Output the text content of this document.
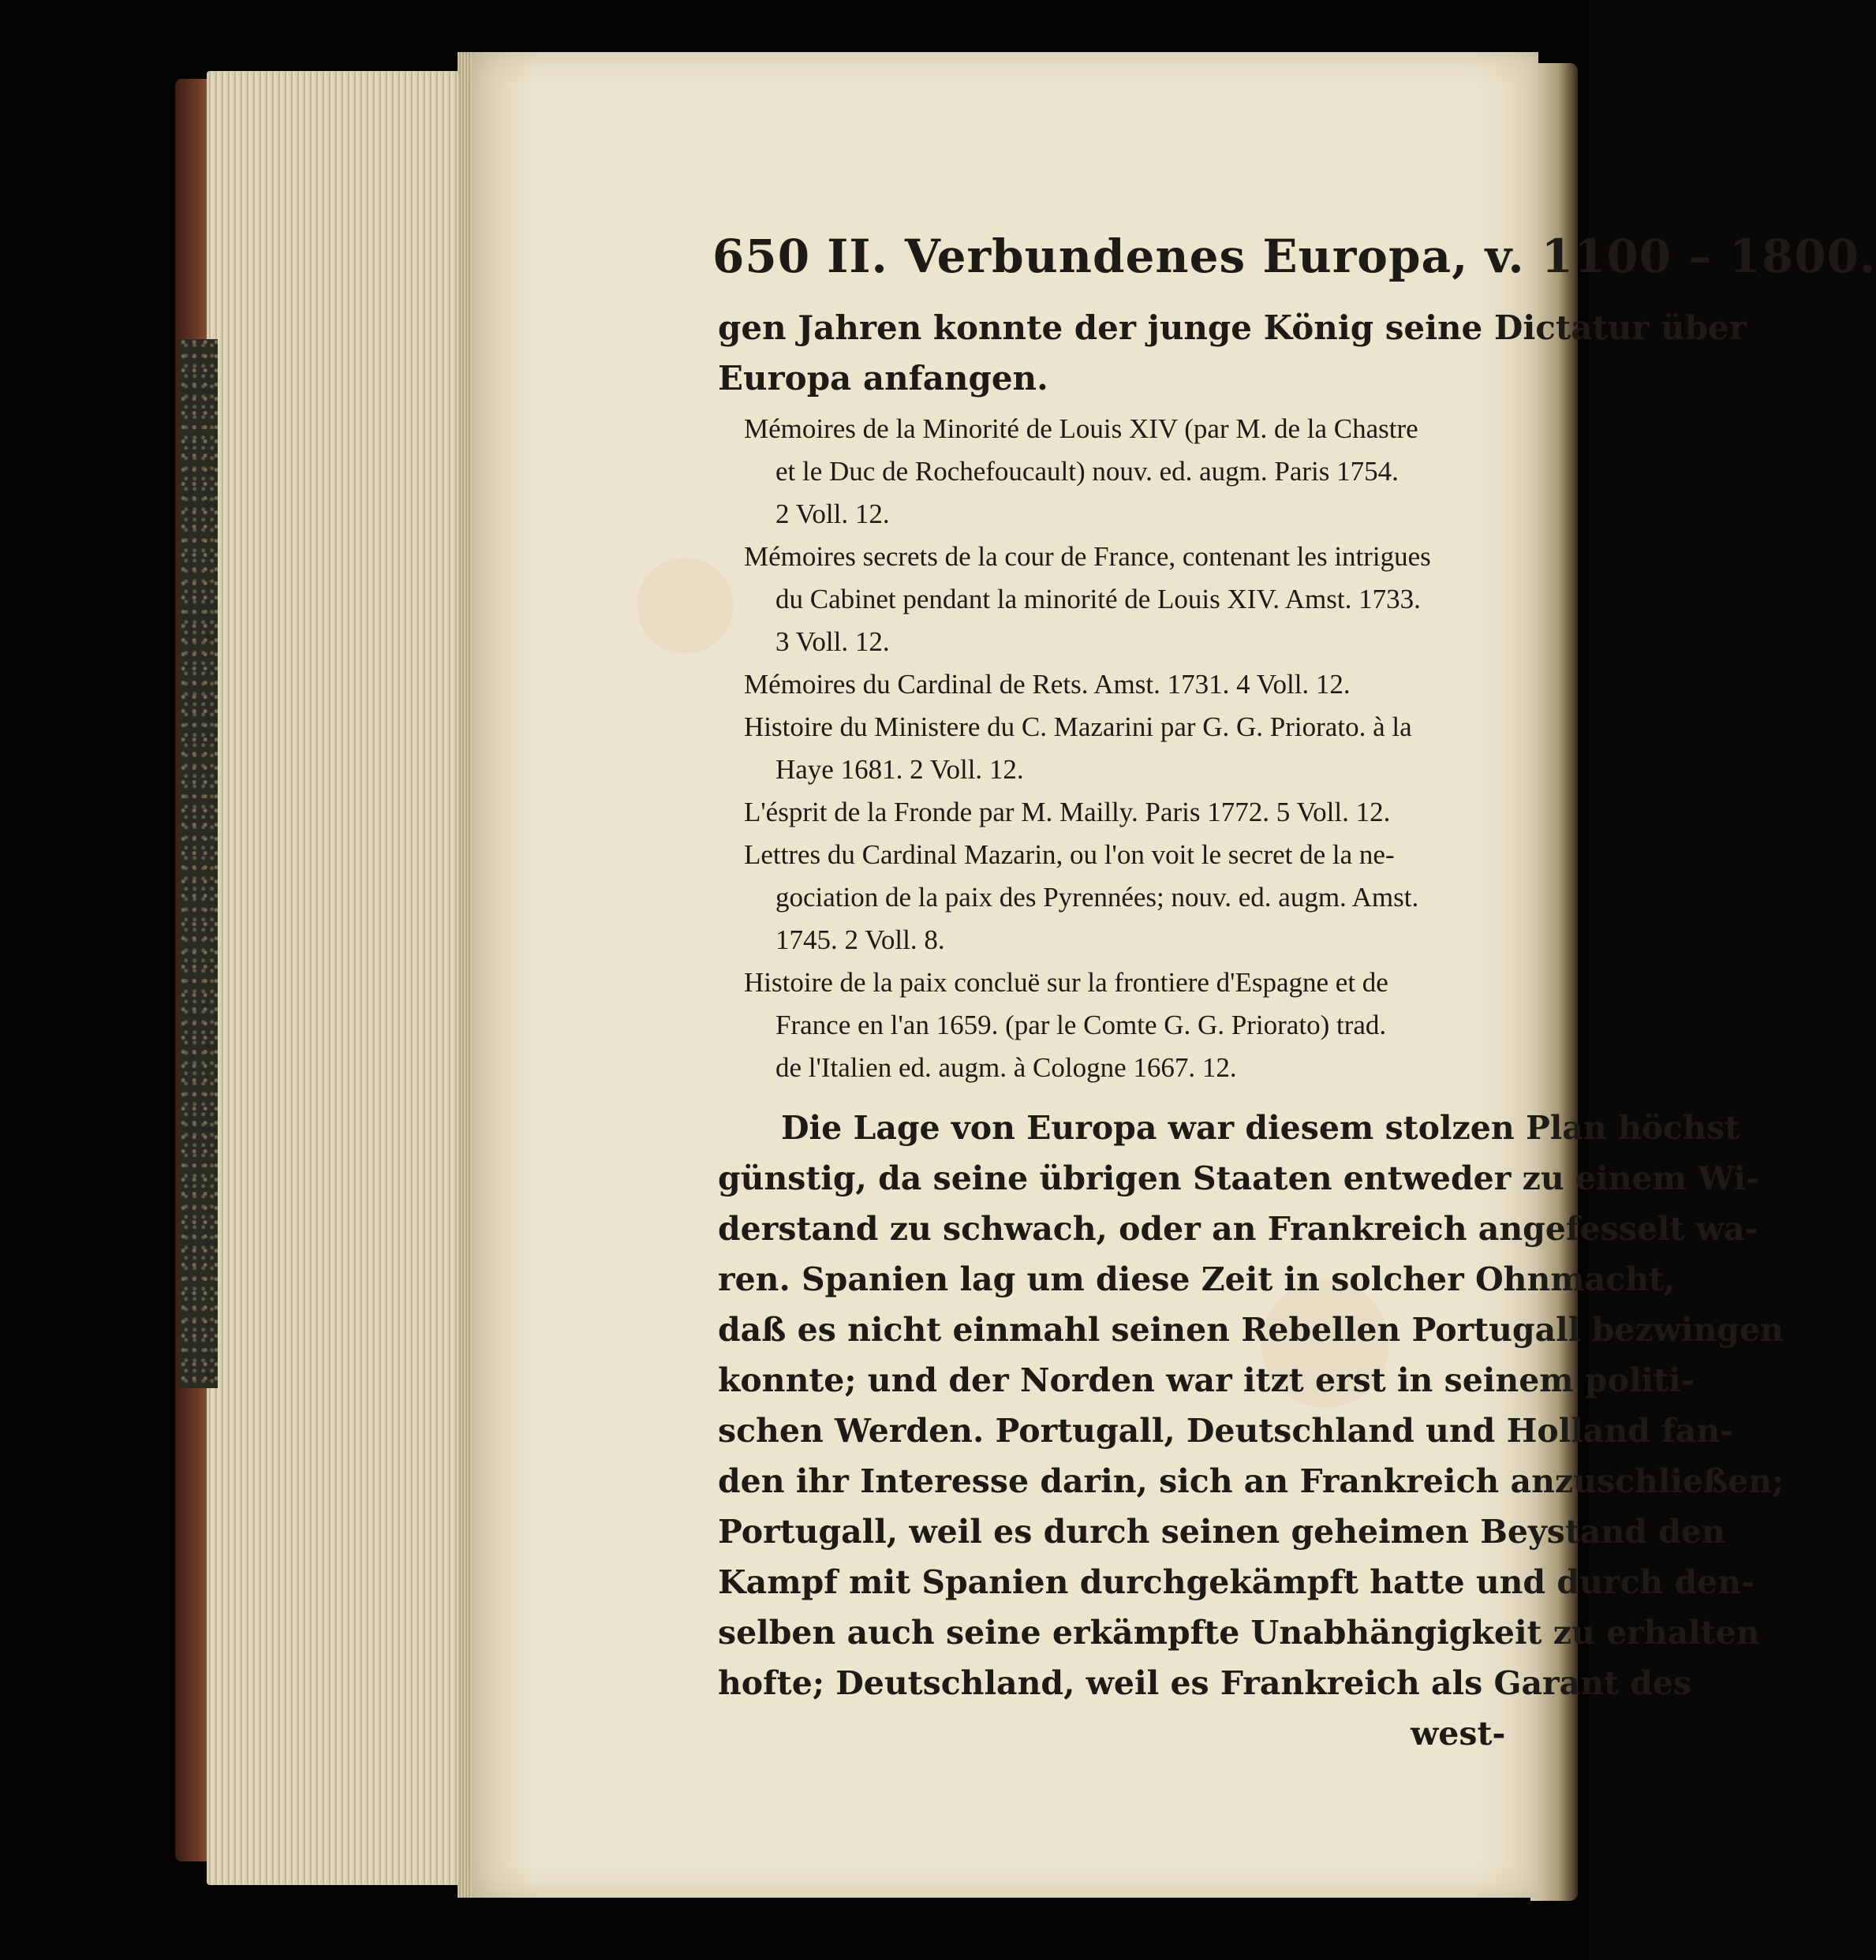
650 II. Verbundenes Europa, v. 1100 – 1800.
gen Jahren konnte der junge König seine Dictatur über
Europa anfangen.
Mémoires de la Minorité de Louis XIV (par M. de la Chastre
et le Duc de Rochefoucault) nouv. ed. augm. Paris 1754.
2 Voll. 12.
Mémoires secrets de la cour de France, contenant les intrigues
du Cabinet pendant la minorité de Louis XIV. Amst. 1733.
3 Voll. 12.
Mémoires du Cardinal de Rets. Amst. 1731. 4 Voll. 12.
Histoire du Ministere du C. Mazarini par G. G. Priorato. à la
Haye 1681. 2 Voll. 12.
L'ésprit de la Fronde par M. Mailly. Paris 1772. 5 Voll. 12.
Lettres du Cardinal Mazarin, ou l'on voit le secret de la ne-
gociation de la paix des Pyrennées; nouv. ed. augm. Amst.
1745. 2 Voll. 8.
Histoire de la paix concluë sur la frontiere d'Espagne et de
France en l'an 1659. (par le Comte G. G. Priorato) trad.
de l'Italien ed. augm. à Cologne 1667. 12.
Die Lage von Europa war diesem stolzen Plan höchst
günstig, da seine übrigen Staaten entweder zu einem Wi-
derstand zu schwach, oder an Frankreich angefesselt wa-
ren. Spanien lag um diese Zeit in solcher Ohnmacht,
daß es nicht einmahl seinen Rebellen Portugall bezwingen
konnte; und der Norden war itzt erst in seinem politi-
schen Werden. Portugall, Deutschland und Holland fan-
den ihr Interesse darin, sich an Frankreich anzuschließen;
Portugall, weil es durch seinen geheimen Beystand den
Kampf mit Spanien durchgekämpft hatte und durch den-
selben auch seine erkämpfte Unabhängigkeit zu erhalten
hofte; Deutschland, weil es Frankreich als Garant des
west-
